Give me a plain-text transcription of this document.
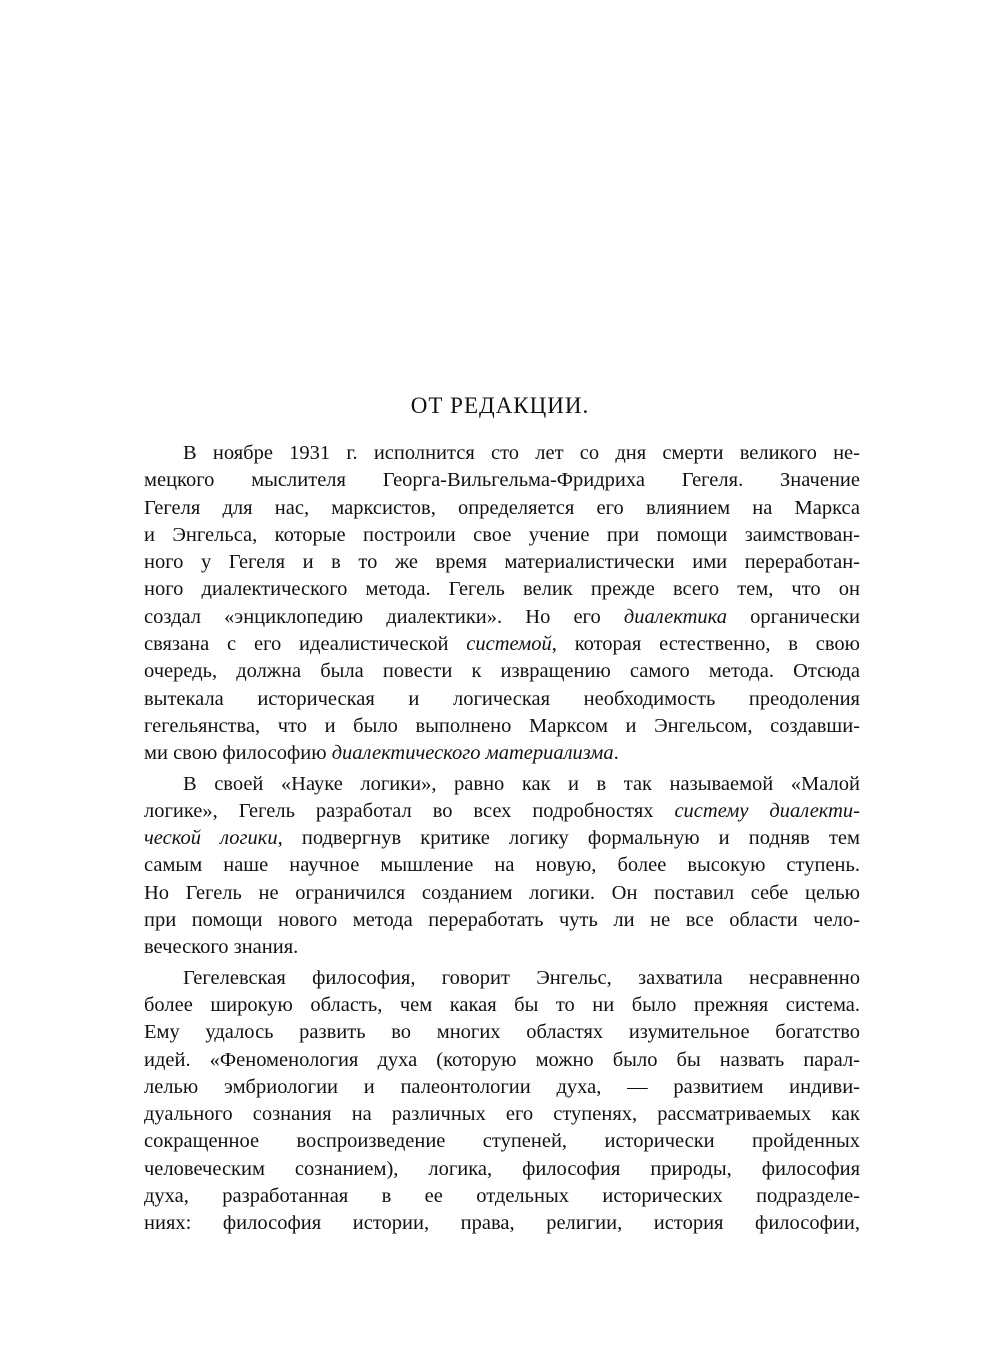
ОТ РЕДАКЦИИ.
В ноябре 1931 г. исполнится сто лет со дня смерти великого не-
мецкого мыслителя Георга-Вильгельма-Фридриха Гегеля. Значение
Гегеля для нас, марксистов, определяется его влиянием на Маркса
и Энгельса, которые построили свое учение при помощи заимствован-
ного у Гегеля и в то же время материалистически ими переработан-
ного диалектического метода. Гегель велик прежде всего тем, что он
создал «энциклопедию диалектики». Но его диалектика органически
связана с его идеалистической системой, которая естественно, в свою
очередь, должна была повести к извращению самого метода. Отсюда
вытекала историческая и логическая необходимость преодоления
гегельянства, что и было выполнено Марксом и Энгельсом, создавши-
ми свою философию диалектического материализма.
В своей «Науке логики», равно как и в так называемой «Малой
логике», Гегель разработал во всех подробностях систему диалекти-
ческой логики, подвергнув критике логику формальную и подняв тем
самым наше научное мышление на новую, более высокую ступень.
Но Гегель не ограничился созданием логики. Он поставил себе целью
при помощи нового метода переработать чуть ли не все области чело-
веческого знания.
Гегелевская философия, говорит Энгельс, захватила несравненно
более широкую область, чем какая бы то ни было прежняя система.
Ему удалось развить во многих областях изумительное богатство
идей. «Феноменология духа (которую можно было бы назвать парал-
лелью эмбриологии и палеонтологии духа, — развитием индиви-
дуального сознания на различных его ступенях, рассматриваемых как
сокращенное воспроизведение ступеней, исторически пройденных
человеческим сознанием), логика, философия природы, философия
духа, разработанная в ее отдельных исторических подразделе-
ниях: философия истории, права, религии, история философии,
